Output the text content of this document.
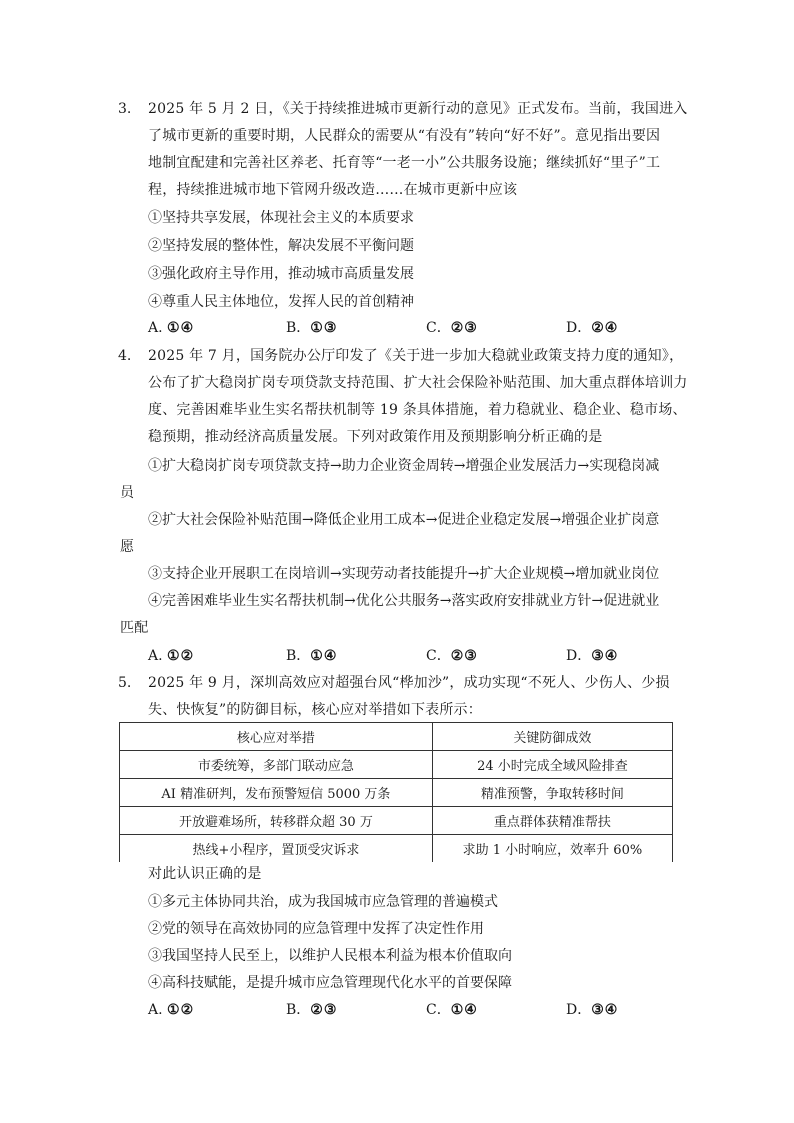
3. 2025 年 5 月 2 日，《关于持续推进城市更新行动的意见》正式发布。当前，我国进入
了城市更新的重要时期，人民群众的需要从“有没有”转向“好不好”。意见指出要因
地制宜配建和完善社区养老、托育等“一老一小”公共服务设施；继续抓好“里子”工
程，持续推进城市地下管网升级改造……在城市更新中应该
①坚持共享发展，体现社会主义的本质要求
②坚持发展的整体性，解决发展不平衡问题
③强化政府主导作用，推动城市高质量发展
④尊重人民主体地位，发挥人民的首创精神
A. ①④	B．①③	C．②③	D．②④
4. 2025 年 7 月，国务院办公厅印发了《关于进一步加大稳就业政策支持力度的通知》，
公布了扩大稳岗扩岗专项贷款支持范围、扩大社会保险补贴范围、加大重点群体培训力
度、完善困难毕业生实名帮扶机制等 19 条具体措施，着力稳就业、稳企业、稳市场、
稳预期，推动经济高质量发展。下列对政策作用及预期影响分析正确的是
①扩大稳岗扩岗专项贷款支持→助力企业资金周转→增强企业发展活力→实现稳岗减
员
②扩大社会保险补贴范围→降低企业用工成本→促进企业稳定发展→增强企业扩岗意
愿
③支持企业开展职工在岗培训→实现劳动者技能提升→扩大企业规模→增加就业岗位
④完善困难毕业生实名帮扶机制→优化公共服务→落实政府安排就业方针→促进就业
匹配
A. ①②	B．①④	C．②③	D．③④
5. 2025 年 9 月，深圳高效应对超强台风“桦加沙”，成功实现“不死人、少伤人、少损
失、快恢复”的防御目标，核心应对举措如下表所示：
核心应对举措	关键防御成效
市委统筹，多部门联动应急	24 小时完成全域风险排查
AI 精准研判，发布预警短信 5000 万条	精准预警，争取转移时间
开放避难场所，转移群众超 30 万	重点群体获精准帮扶
热线+小程序，置顶受灾诉求	求助 1 小时响应，效率升 60%
对此认识正确的是
①多元主体协同共治，成为我国城市应急管理的普遍模式
②党的领导在高效协同的应急管理中发挥了决定性作用
③我国坚持人民至上，以维护人民根本利益为根本价值取向
④高科技赋能，是提升城市应急管理现代化水平的首要保障
A. ①②	B．②③	C．①④	D．③④
